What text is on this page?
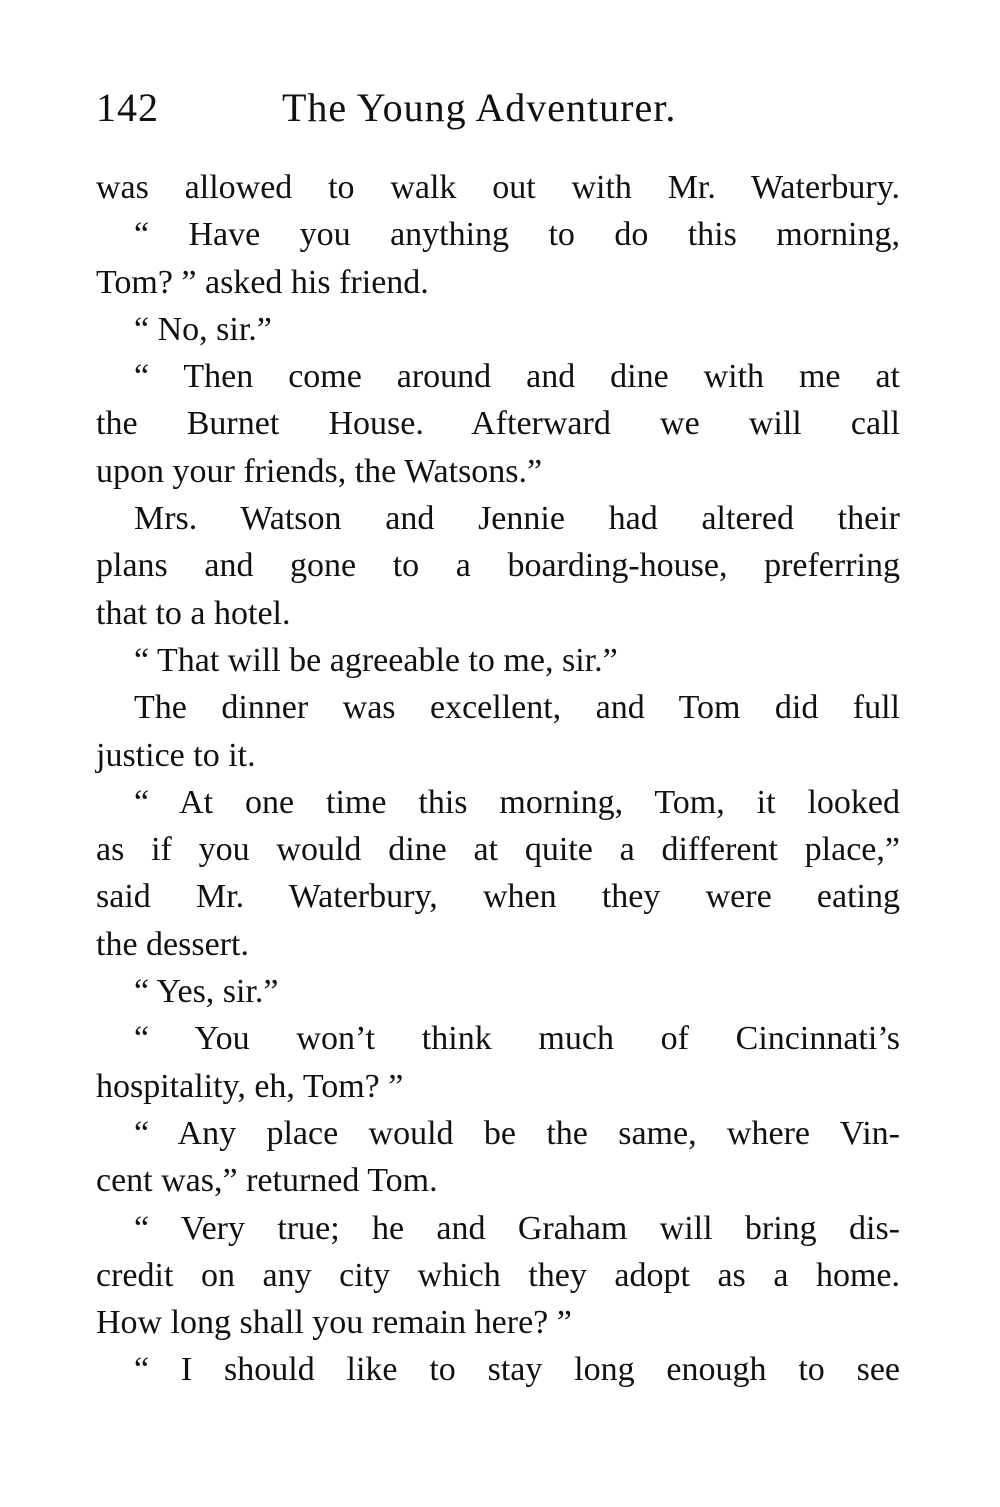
142	The Young Adventurer.
was allowed to walk out with Mr. Waterbury.
“ Have you anything to do this morning,
Tom? ” asked his friend.
“ No, sir.”
“ Then come around and dine with me at
the Burnet House. Afterward we will call
upon your friends, the Watsons.”
Mrs. Watson and Jennie had altered their
plans and gone to a boarding-house, preferring
that to a hotel.
“ That will be agreeable to me, sir.”
The dinner was excellent, and Tom did full
justice to it.
“ At one time this morning, Tom, it looked
as if you would dine at quite a different place,”
said Mr. Waterbury, when they were eating
the dessert.
“ Yes, sir.”
“ You won’t think much of Cincinnati’s
hospitality, eh, Tom? ”
“ Any place would be the same, where Vin-
cent was,” returned Tom.
“ Very true; he and Graham will bring dis-
credit on any city which they adopt as a home.
How long shall you remain here? ”
“ I should like to stay long enough to see
